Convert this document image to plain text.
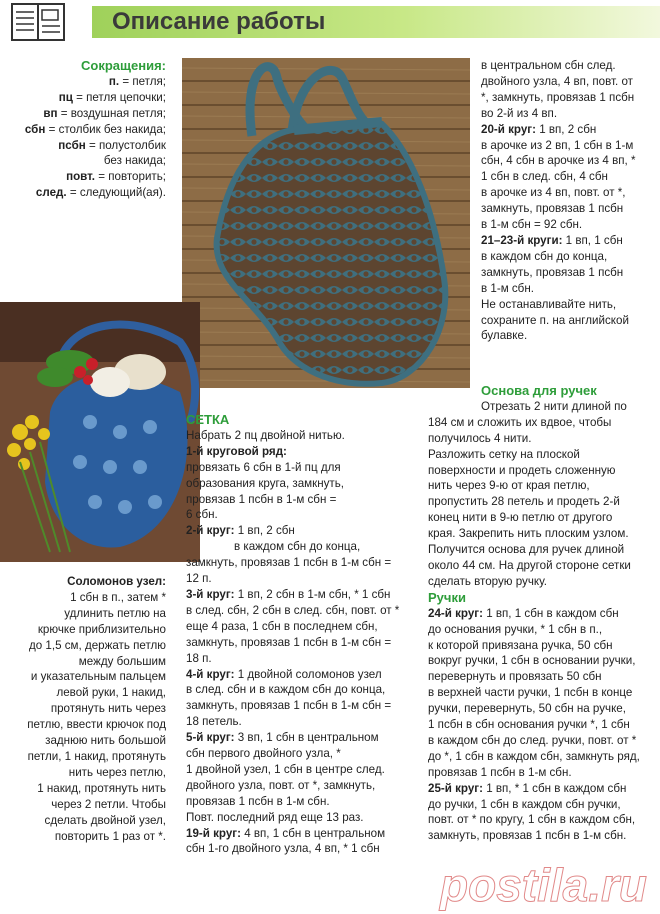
Описание работы
Сокращения:
п. = петля;
пц = петля цепочки;
вп = воздушная петля;
сбн = столбик без накида;
псбн = полустолбик
без накида;
повт. = повторить;
след. = следующий(ая).
Соломонов узел:
1 сбн в п., затем *
удлинить петлю на
крючке приблизительно
до 1,5 см, держать петлю
между большим
и указательным пальцем
левой руки, 1 накид,
протянуть нить через
петлю, ввести крючок под
заднюю нить большой
петли, 1 накид, протянуть
нить через петлю,
1 накид, протянуть нить
через 2 петли. Чтобы
сделать двойной узел,
повторить 1 раз от *.
СЕТКА
Набрать 2 пц двойной нитью.
1-й круговой ряд:
провязать 6 сбн в 1-й пц для
образования круга, замкнуть,
провязав 1 псбн в 1-м сбн =
6 сбн.
2-й круг: 1 вп, 2 сбн
в каждом сбн до конца,
замкнуть, провязав 1 псбн в 1-м сбн =
12 п.
3-й круг: 1 вп, 2 сбн в 1-м сбн, * 1 сбн
в след. сбн, 2 сбн в след. сбн, повт. от *
еще 4 раза, 1 сбн в последнем сбн,
замкнуть, провязав 1 псбн в 1-м сбн =
18 п.
4-й круг: 1 двойной соломонов узел
в след. сбн и в каждом сбн до конца,
замкнуть, провязав 1 псбн в 1-м сбн =
18 петель.
5-й круг: 3 вп, 1 сбн в центральном
сбн первого двойного узла, *
1 двойной узел, 1 сбн в центре след.
двойного узла, повт. от *, замкнуть,
провязав 1 псбн в 1-м сбн.
Повт. последний ряд еще 13 раз.
19-й круг: 4 вп, 1 сбн в центральном
сбн 1-го двойного узла, 4 вп, * 1 сбн
в центральном сбн след.
двойного узла, 4 вп, повт. от
*, замкнуть, провязав 1 псбн
во 2-й из 4 вп.
20-й круг: 1 вп, 2 сбн
в арочке из 2 вп, 1 сбн в 1-м
сбн, 4 сбн в арочке из 4 вп, *
1 сбн в след. сбн, 4 сбн
в арочке из 4 вп, повт. от *,
замкнуть, провязав 1 псбн
в 1-м сбн = 92 сбн.
21–23-й круги: 1 вп, 1 сбн
в каждом сбн до конца,
замкнуть, провязав 1 псбн
в 1-м сбн.
Не останавливайте нить,
сохраните п. на английской
булавке.
Основа для ручек
Отрезать 2 нити длиной по
184 см и сложить их вдвое, чтобы
получилось 4 нити.
Разложить сетку на плоской
поверхности и продеть сложенную
нить через 9-ю от края петлю,
пропустить 28 петель и продеть 2-й
конец нити в 9-ю петлю от другого
края. Закрепить нить плоским узлом.
Получится основа для ручек длиной
около 44 см. На другой стороне сетки
сделать вторую ручку.
Ручки
24-й круг: 1 вп, 1 сбн в каждом сбн
до основания ручки, * 1 сбн в п.,
к которой привязана ручка, 50 сбн
вокруг ручки, 1 сбн в основании ручки,
перевернуть и провязать 50 сбн
в верхней части ручки, 1 псбн в конце
ручки, перевернуть, 50 сбн на ручке,
1 псбн в сбн основания ручки *, 1 сбн
в каждом сбн до след. ручки, повт. от *
до *, 1 сбн в каждом сбн, замкнуть ряд,
провязав 1 псбн в 1-м сбн.
25-й круг: 1 вп, * 1 сбн в каждом сбн
до ручки, 1 сбн в каждом сбн ручки,
повт. от * по кругу, 1 сбн в каждом сбн,
замкнуть, провязав 1 псбн в 1-м сбн.
postila.ru
